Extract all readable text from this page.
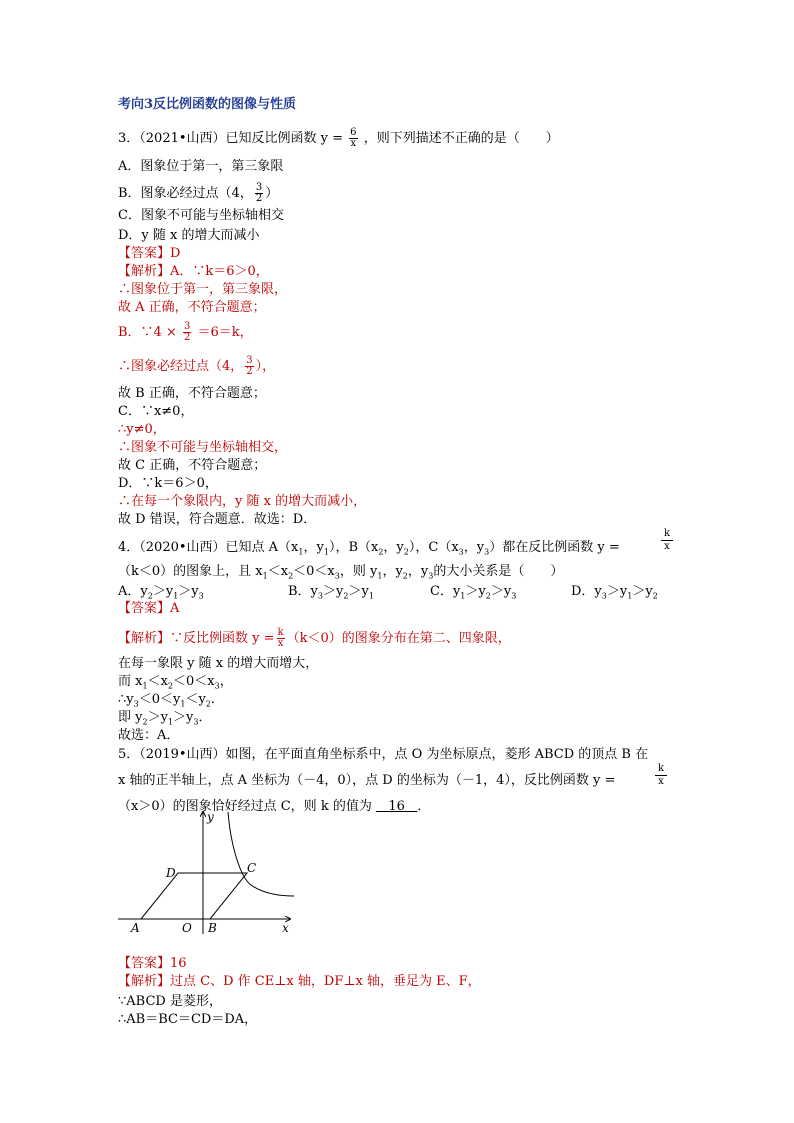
考向3反比例函数的图像与性质
3．（2021•山西）已知反比例函数 $y = \frac{6}{x}$ ，则下列描述不正确的是（　　）
A．图象位于第一，第三象限
B．图象必经过点（4， $\frac{3}{2}$ ）
C．图象不可能与坐标轴相交
D．y 随 x 的增大而减小
【答案】D
【解析】A．∵k＝6＞0，
∴图象位于第一，第三象限，
故 A 正确，不符合题意；
B．∵4 × $\frac{3}{2} =6=k$，
∴图象必经过点（4， $\frac{3}{2}$ ），
故 B 正确，不符合题意；
C．∵x≠0，
∴y≠0，
∴图象不可能与坐标轴相交，
故 C 正确，不符合题意；
D．∵k＝6＞0，
∴在每一个象限内，y 随 x 的增大而减小，
故 D 错误，符合题意．故选：D．
4．（2020•山西）已知点 $A(x_1$，$y_1$），$B(x_2$，$y_2$），$C(x_3$，$y_3$）都在反比例函数 y =
k
x
（k＜0）的图象上，且 $x_1<x_2<0<x_3$，则 $y_1$，$y_2$，$y_3$的大小关系是（　　）
A．$y_2>y_1>y_3$	B．$y_3>y_2>y_1$	C．$y_1>y_2>y_3$	D．$y_3>y_1>y_2$
【答案】A
【解析】∵反比例函数 $y = \frac{k}{x} (k<0)$的图象分布在第二、四象限，
在每一象限 y 随 x 的增大而增大，
而 $x_1<x_2<0<x_3$，
$\therefore y_3<0<y_1<y_2$．
即 $y_2>y_1>y_3$．
故选：A．
5．（2019•山西）如图，在平面直角坐标系中，点 O 为坐标原点，菱形 ABCD 的顶点 B 在
x 轴的正半轴上，点 A 坐标为（－4，0），点 D 的坐标为（－1，4），反比例函数 y =
k
x
（x＞0）的图象恰好经过点 C，则 k 的值为 16 ．
y
x
D	C
A	O B
【答案】16
【解析】过点 C、D 作 CE⊥x 轴，DF⊥x 轴，垂足为 E、F，
∵ABCD 是菱形，
∴AB＝BC＝CD＝DA，
